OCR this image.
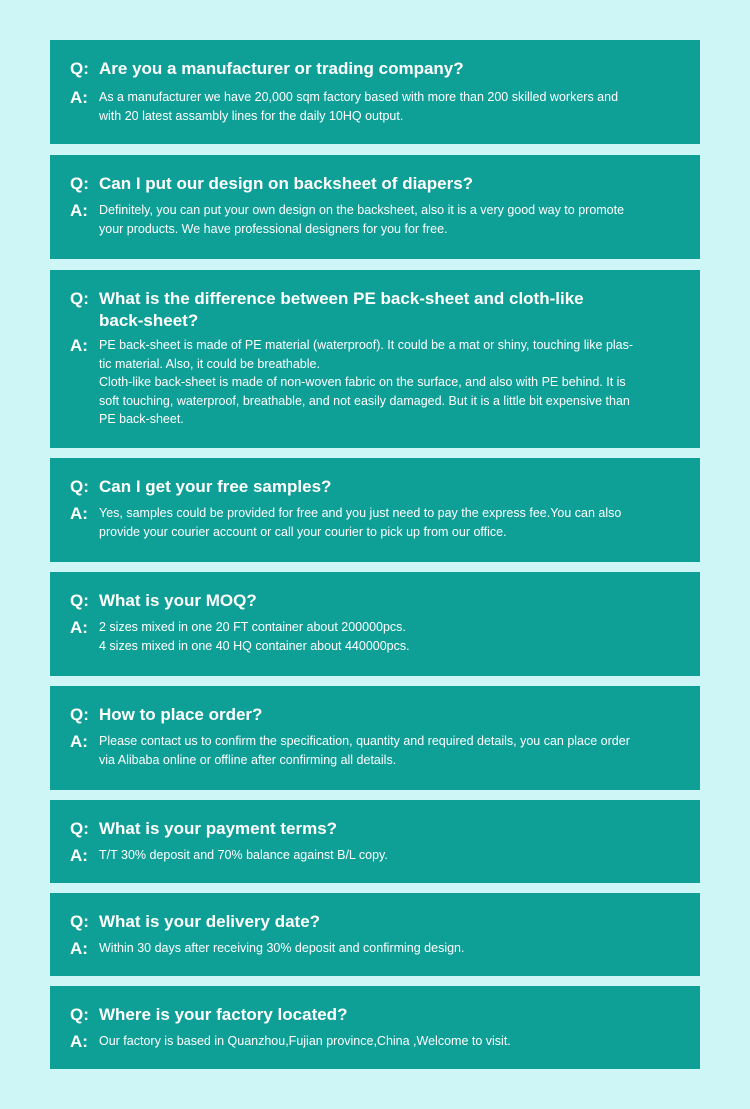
Q: Are you a manufacturer or trading company?
A: As a manufacturer we have 20,000 sqm factory based with more than 200 skilled workers and
with 20 latest assambly lines for the daily 10HQ output.
Q: Can I put our design on backsheet of diapers?
A: Definitely, you can put your own design on the backsheet, also it is a very good way to promote
your products. We have professional designers for you for free.
Q: What is the difference between PE back-sheet and cloth-like
back-sheet?
A: PE back-sheet is made of PE material (waterproof). It could be a mat or shiny, touching like plas-
tic material. Also, it could be breathable.
Cloth-like back-sheet is made of non-woven fabric on the surface, and also with PE behind. It is
soft touching, waterproof, breathable, and not easily damaged. But it is a little bit expensive than
PE back-sheet.
Q: Can I get your free samples?
A: Yes, samples could be provided for free and you just need to pay the express fee.You can also
provide your courier account or call your courier to pick up from our office.
Q: What is your MOQ?
A: 2 sizes mixed in one 20 FT container about 200000pcs.
4 sizes mixed in one 40 HQ container about 440000pcs.
Q: How to place order?
A: Please contact us to confirm the specification, quantity and required details, you can place order
via Alibaba online or offline after confirming all details.
Q: What is your payment terms?
A: T/T 30% deposit and 70% balance against B/L copy.
Q: What is your delivery date?
A: Within 30 days after receiving 30% deposit and confirming design.
Q: Where is your factory located?
A: Our factory is based in Quanzhou,Fujian province,China ,Welcome to visit.
